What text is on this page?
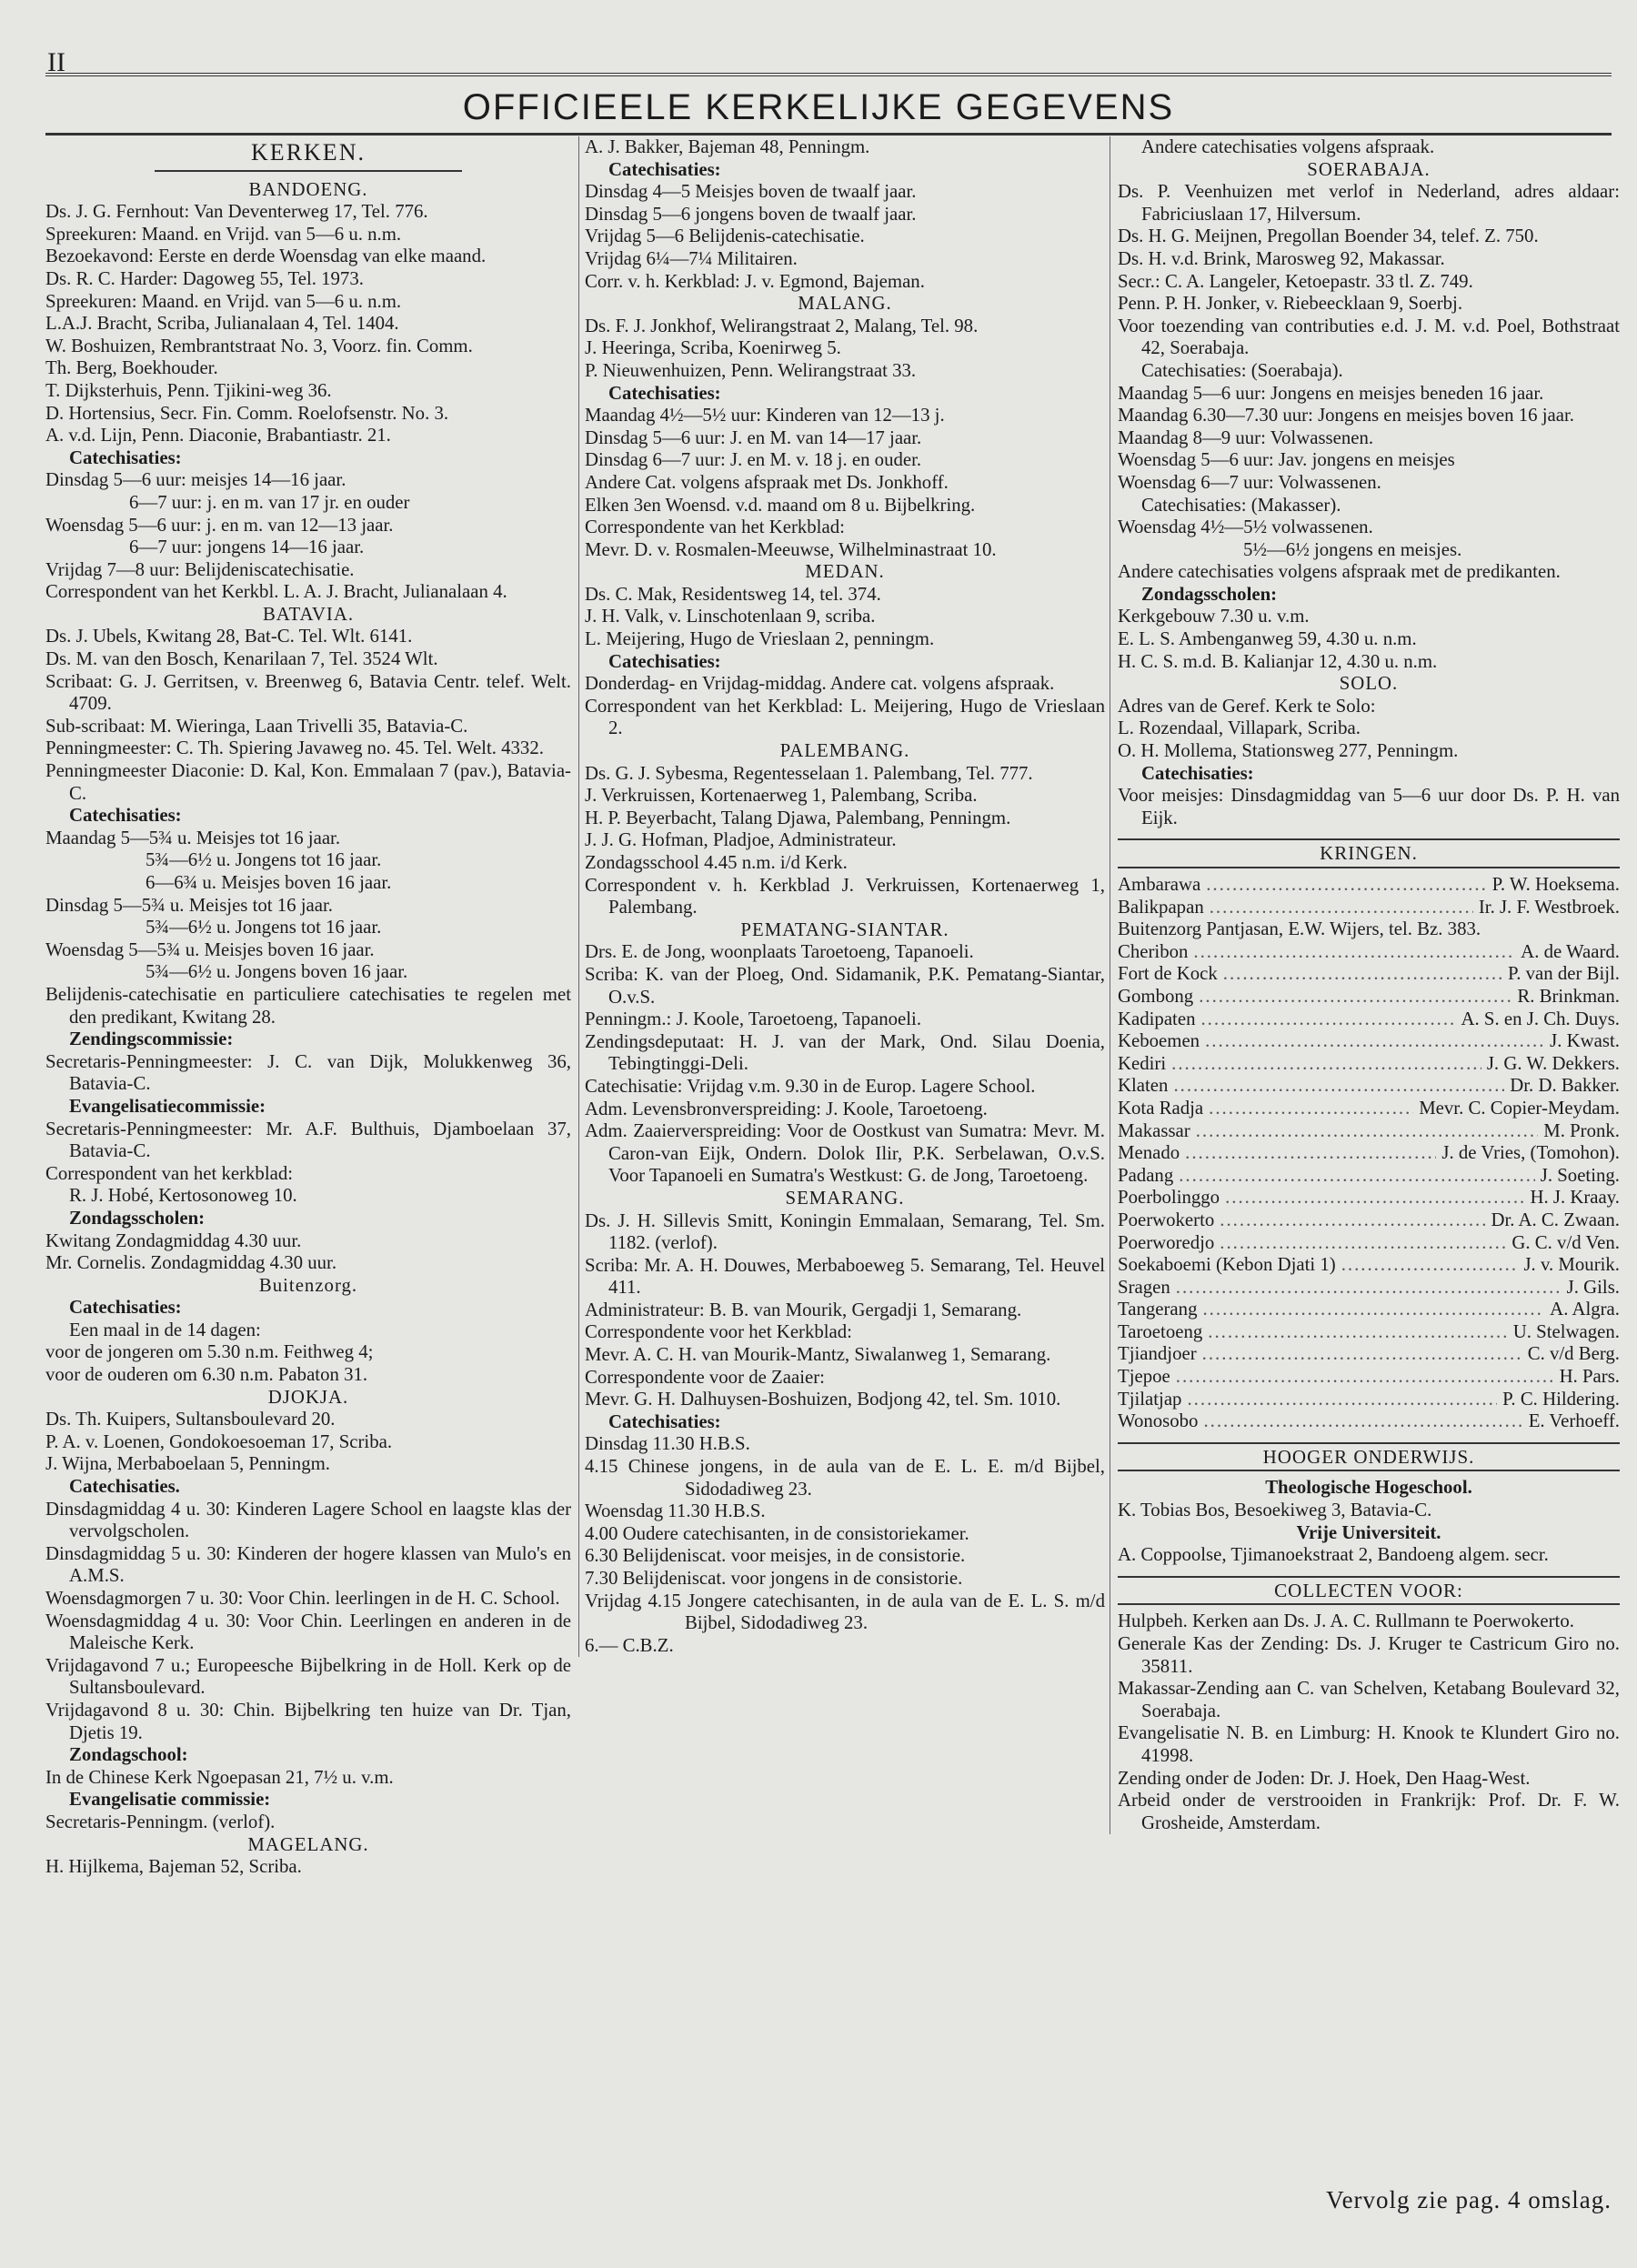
II
OFFICIEELE KERKELIJKE GEGEVENS
KERKEN.

BANDOENG.

Ds. J. G. Fernhout: Van Deventerweg 17, Tel. 776.

Spreekuren: Maand. en Vrijd. van 5—6 u. n.m.

Bezoekavond: Eerste en derde Woensdag van elke maand.

Ds. R. C. Harder: Dagoweg 55, Tel. 1973.

Spreekuren: Maand. en Vrijd. van 5—6 u. n.m.

L.A.J. Bracht, Scriba, Julianalaan 4, Tel. 1404.

W. Boshuizen, Rembrantstraat No. 3, Voorz. fin. Comm.

Th. Berg, Boekhouder.

T. Dijksterhuis, Penn. Tjikini-weg 36.

D. Hortensius, Secr. Fin. Comm. Roelofsenstr. No. 3.

A. v.d. Lijn, Penn. Diaconie, Brabantiastr. 21.

Catechisaties:

Dinsdag 5—6 uur: meisjes 14—16 jaar.

6—7 uur: j. en m. van 17 jr. en ouder

Woensdag 5—6 uur: j. en m. van 12—13 jaar.

6—7 uur: jongens 14—16 jaar.

Vrijdag 7—8 uur: Belijdeniscatechisatie.

Correspondent van het Kerkbl. L. A. J. Bracht, Julianalaan 4.

BATAVIA.

Ds. J. Ubels, Kwitang 28, Bat-C. Tel. Wlt. 6141.

Ds. M. van den Bosch, Kenarilaan 7, Tel. 3524 Wlt.

Scribaat: G. J. Gerritsen, v. Breenweg 6, Batavia Centr. telef. Welt. 4709.

Sub-scribaat: M. Wieringa, Laan Trivelli 35, Batavia-C.

Penningmeester: C. Th. Spiering Javaweg no. 45. Tel. Welt. 4332.

Penningmeester Diaconie: D. Kal, Kon. Emmalaan 7 (pav.), Batavia-C.

Catechisaties:

Maandag 5—5¾ u. Meisjes tot 16 jaar.

5¾—6½ u. Jongens tot 16 jaar.

6—6¾ u. Meisjes boven 16 jaar.

Dinsdag 5—5¾ u. Meisjes tot 16 jaar.

5¾—6½ u. Jongens tot 16 jaar.

Woensdag 5—5¾ u. Meisjes boven 16 jaar.

5¾—6½ u. Jongens boven 16 jaar.

Belijdenis-catechisatie en particuliere catechisaties te regelen met den predikant, Kwitang 28.

Zendingscommissie:

Secretaris-Penningmeester: J. C. van Dijk, Molukkenweg 36, Batavia-C.

Evangelisatiecommissie:

Secretaris-Penningmeester: Mr. A.F. Bulthuis, Djamboelaan 37, Batavia-C.

Correspondent van het kerkblad:

R. J. Hobé, Kertosonoweg 10.

Zondagsscholen:

Kwitang Zondagmiddag 4.30 uur.

Mr. Cornelis. Zondagmiddag 4.30 uur.

Buitenzorg.

Catechisaties:

Een maal in de 14 dagen:

voor de jongeren om 5.30 n.m. Feithweg 4;

voor de ouderen om 6.30 n.m. Pabaton 31.

DJOKJA.

Ds. Th. Kuipers, Sultansboulevard 20.

P. A. v. Loenen, Gondokoesoeman 17, Scriba.

J. Wijna, Merbaboelaan 5, Penningm.

Catechisaties.

Dinsdagmiddag 4 u. 30: Kinderen Lagere School en laagste klas der vervolgscholen.

Dinsdagmiddag 5 u. 30: Kinderen der hogere klassen van Mulo's en A.M.S.

Woensdagmorgen 7 u. 30: Voor Chin. leerlingen in de H. C. School.

Woensdagmiddag 4 u. 30: Voor Chin. Leerlingen en anderen in de Maleische Kerk.

Vrijdagavond 7 u.; Europeesche Bijbelkring in de Holl. Kerk op de Sultansboulevard.

Vrijdagavond 8 u. 30: Chin. Bijbelkring ten huize van Dr. Tjan, Djetis 19.

Zondagschool:

In de Chinese Kerk Ngoepasan 21, 7½ u. v.m.

Evangelisatie commissie:

Secretaris-Penningm. (verlof).

MAGELANG.

H. Hijlkema, Bajeman 52, Scriba.

A. J. Bakker, Bajeman 48, Penningm.

Catechisaties:

Dinsdag 4—5 Meisjes boven de twaalf jaar.

Dinsdag 5—6 jongens boven de twaalf jaar.

Vrijdag 5—6 Belijdenis-catechisatie.

Vrijdag 6¼—7¼ Militairen.

Corr. v. h. Kerkblad: J. v. Egmond, Bajeman.

MALANG.

Ds. F. J. Jonkhof, Welirangstraat 2, Malang, Tel. 98.

J. Heeringa, Scriba, Koenirweg 5.

P. Nieuwenhuizen, Penn. Welirangstraat 33.

Catechisaties:

Maandag 4½—5½ uur: Kinderen van 12—13 j.

Dinsdag 5—6 uur: J. en M. van 14—17 jaar.

Dinsdag 6—7 uur: J. en M. v. 18 j. en ouder.

Andere Cat. volgens afspraak met Ds. Jonkhoff.

Elken 3en Woensd. v.d. maand om 8 u. Bijbelkring.

Correspondente van het Kerkblad:

Mevr. D. v. Rosmalen-Meeuwse, Wilhelminastraat 10.

MEDAN.

Ds. C. Mak, Residentsweg 14, tel. 374.

J. H. Valk, v. Linschotenlaan 9, scriba.

L. Meijering, Hugo de Vrieslaan 2, penningm.

Catechisaties:

Donderdag- en Vrijdag-middag. Andere cat. volgens afspraak.

Correspondent van het Kerkblad: L. Meijering, Hugo de Vrieslaan 2.

PALEMBANG.

Ds. G. J. Sybesma, Regentesselaan 1. Palembang, Tel. 777.

J. Verkruissen, Kortenaerweg 1, Palembang, Scriba.

H. P. Beyerbacht, Talang Djawa, Palembang, Penningm.

J. J. G. Hofman, Pladjoe, Administrateur.

Zondagsschool 4.45 n.m. i/d Kerk.

Correspondent v. h. Kerkblad J. Verkruissen, Kortenaerweg 1, Palembang.

PEMATANG-SIANTAR.

Drs. E. de Jong, woonplaats Taroetoeng, Tapanoeli.

Scriba: K. van der Ploeg, Ond. Sidamanik, P.K. Pematang-Siantar, O.v.S.

Penningm.: J. Koole, Taroetoeng, Tapanoeli.

Zendingsdeputaat: H. J. van der Mark, Ond. Silau Doenia, Tebingtinggi-Deli.

Catechisatie: Vrijdag v.m. 9.30 in de Europ. Lagere School.

Adm. Levensbronverspreiding: J. Koole, Taroetoeng.

Adm. Zaaierverspreiding: Voor de Oostkust van Sumatra: Mevr. M. Caron-van Eijk, Ondern. Dolok Ilir, P.K. Serbelawan, O.v.S. Voor Tapanoeli en Sumatra's Westkust: G. de Jong, Taroetoeng.

SEMARANG.

Ds. J. H. Sillevis Smitt, Koningin Emmalaan, Semarang, Tel. Sm. 1182. (verlof).

Scriba: Mr. A. H. Douwes, Merbaboeweg 5. Semarang, Tel. Heuvel 411.

Administrateur: B. B. van Mourik, Gergadji 1, Semarang.

Correspondente voor het Kerkblad:

Mevr. A. C. H. van Mourik-Mantz, Siwalanweg 1, Semarang.

Correspondente voor de Zaaier:

Mevr. G. H. Dalhuysen-Boshuizen, Bodjong 42, tel. Sm. 1010.

Catechisaties:

Dinsdag 11.30 H.B.S.

4.15 Chinese jongens, in de aula van de E. L. E. m/d Bijbel, Sidodadiweg 23.

Woensdag 11.30 H.B.S.

4.00 Oudere catechisanten, in de consistoriekamer.

6.30 Belijdeniscat. voor meisjes, in de consistorie.

7.30 Belijdeniscat. voor jongens in de consistorie.

Vrijdag 4.15 Jongere catechisanten, in de aula van de E. L. S. m/d Bijbel, Sidodadiweg 23.

6.— C.B.Z.

Andere catechisaties volgens afspraak.

SOERABAJA.

Ds. P. Veenhuizen met verlof in Nederland, adres aldaar: Fabriciuslaan 17, Hilversum.

Ds. H. G. Meijnen, Pregollan Boender 34, telef. Z. 750.

Ds. H. v.d. Brink, Marosweg 92, Makassar.

Secr.: C. A. Langeler, Ketoepastr. 33 tl. Z. 749.

Penn. P. H. Jonker, v. Riebeecklaan 9, Soerbj.

Voor toezending van contributies e.d. J. M. v.d. Poel, Bothstraat 42, Soerabaja.

Catechisaties: (Soerabaja).

Maandag 5—6 uur: Jongens en meisjes beneden 16 jaar.

Maandag 6.30—7.30 uur: Jongens en meisjes boven 16 jaar.

Maandag 8—9 uur: Volwassenen.

Woensdag 5—6 uur: Jav. jongens en meisjes

Woensdag 6—7 uur: Volwassenen.

Catechisaties: (Makasser).

Woensdag 4½—5½ volwassenen.

5½—6½ jongens en meisjes.

Andere catechisaties volgens afspraak met de predikanten.

Zondagsscholen:

Kerkgebouw 7.30 u. v.m.

E. L. S. Ambenganweg 59, 4.30 u. n.m.

H. C. S. m.d. B. Kalianjar 12, 4.30 u. n.m.

SOLO.

Adres van de Geref. Kerk te Solo:

L. Rozendaal, Villapark, Scriba.

O. H. Mollema, Stationsweg 277, Penningm.

Catechisaties:

Voor meisjes: Dinsdagmiddag van 5—6 uur door Ds. P. H. van Eijk.

KRINGEN.
Ambarawa .....	P. W. Hoeksema.
Balikpapan .....	Ir. J. F. Westbroek.
Buitenzorg Pantjasan, E.W. Wijers, tel. Bz. 383.
Cheribon .....	A. de Waard.
Fort de Kock .....	P. van der Bijl.
Gombong .....	R. Brinkman.
Kadipaten .....	A. S. en J. Ch. Duys.
Keboemen .....	J. Kwast.
Kediri .....	J. G. W. Dekkers.
Klaten .....	Dr. D. Bakker.
Kota Radja .....	Mevr. C. Copier-Meydam.
Makassar .....	M. Pronk.
Menado .....	J. de Vries, (Tomohon).
Padang .....	J. Soeting.
Poerbolinggo .....	H. J. Kraay.
Poerwokerto .....	Dr. A. C. Zwaan.
Poerworedjo .....	G. C. v/d Ven.
Soekaboemi (Kebon Djati 1) .....	J. v. Mourik.
Sragen .....	J. Gils.
Tangerang .....	A. Algra.
Taroetoeng .....	U. Stelwagen.
Tjiandjoer .....	C. v/d Berg.
Tjepoe .....	H. Pars.
Tjilatjap .....	P. C. Hildering.
Wonosobo .....	E. Verhoeff.
HOOGER ONDERWIJS.

Theologische Hogeschool.

K. Tobias Bos, Besoekiweg 3, Batavia-C.

Vrije Universiteit.

A. Coppoolse, Tjimanoekstraat 2, Bandoeng algem. secr.

COLLECTEN VOOR:

Hulpbeh. Kerken aan Ds. J. A. C. Rullmann te Poerwokerto.

Generale Kas der Zending: Ds. J. Kruger te Castricum Giro no. 35811.

Makassar-Zending aan C. van Schelven, Ketabang Boulevard 32, Soerabaja.

Evangelisatie N. B. en Limburg: H. Knook te Klundert Giro no. 41998.

Zending onder de Joden: Dr. J. Hoek, Den Haag-West.

Arbeid onder de verstrooiden in Frankrijk: Prof. Dr. F. W. Grosheide, Amsterdam.

Vervolg zie pag. 4 omslag.
